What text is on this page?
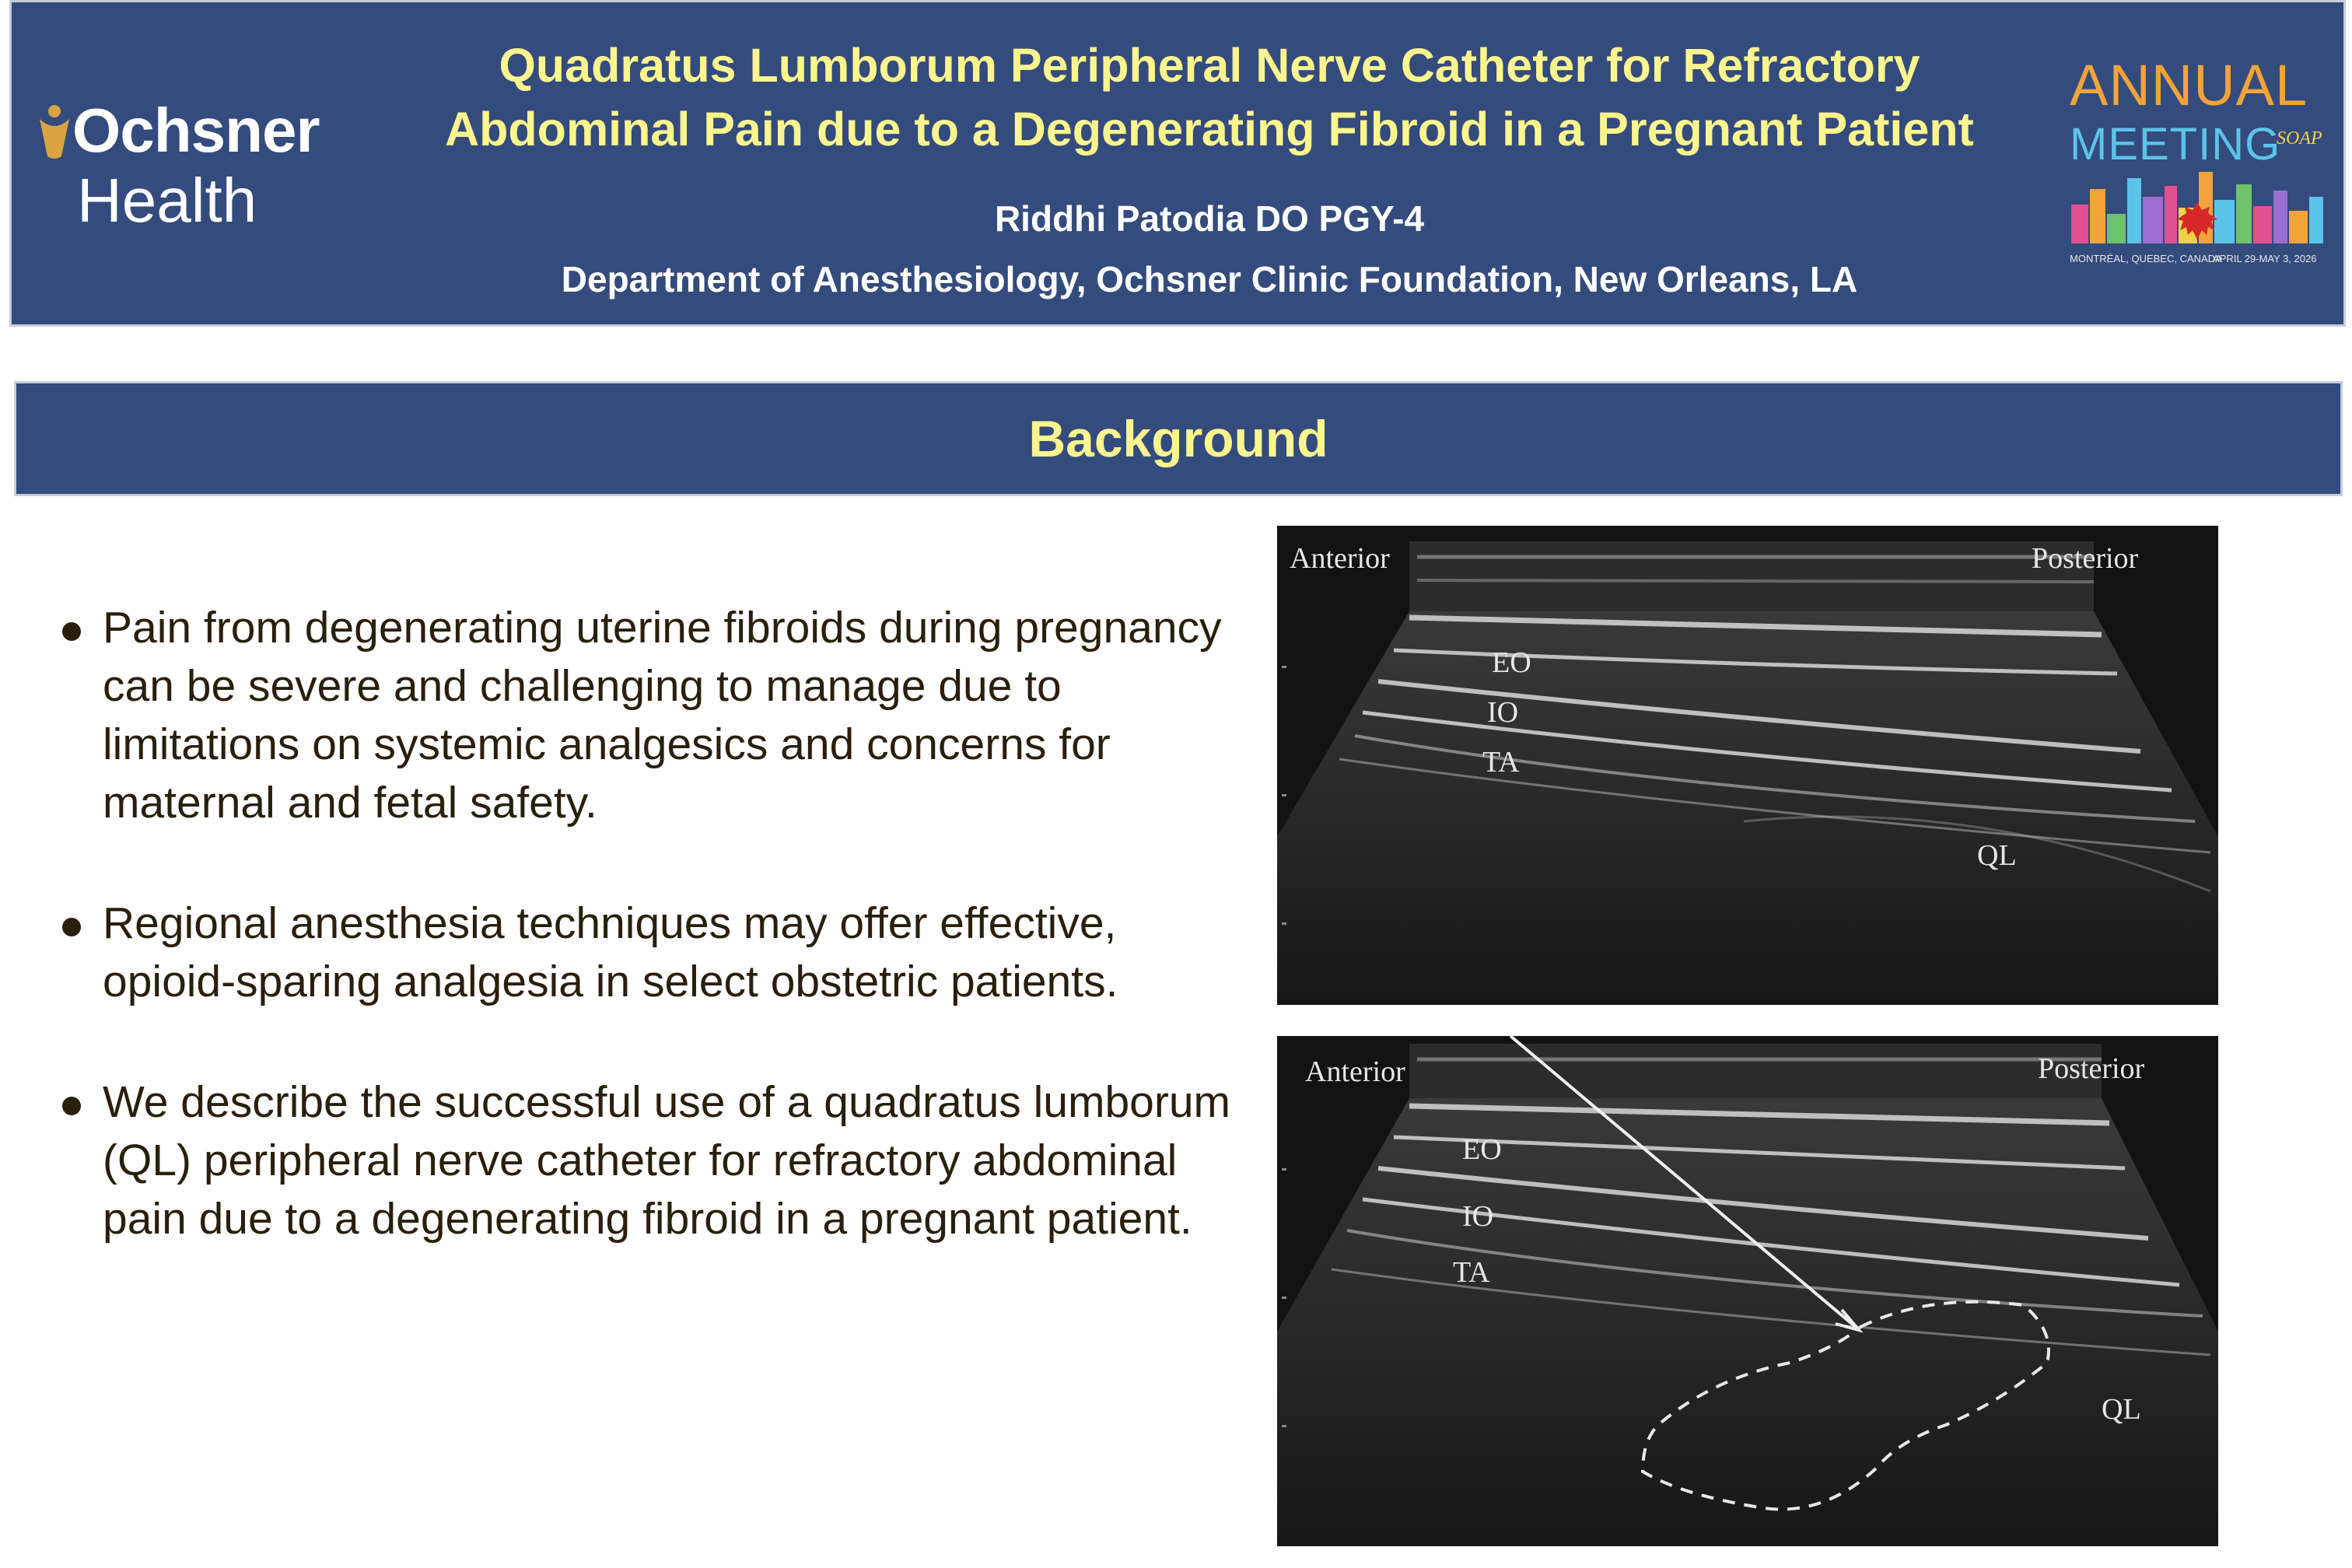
Ochsner
Health
Quadratus Lumborum Peripheral Nerve Catheter for Refractory
Abdominal Pain due to a Degenerating Fibroid in a Pregnant Patient
Riddhi Patodia DO PGY-4
Department of Anesthesiology, Ochsner Clinic Foundation, New Orleans, LA
ANNUAL
MEETING
SOAP
MONTRÉAL, QUEBEC, CANADA
APRIL 29-MAY 3, 2026
Background
Pain from degenerating uterine fibroids during pregnancy can be severe and challenging to manage due to limitations on systemic analgesics and concerns for maternal and fetal safety.
Regional anesthesia techniques may offer effective, opioid-sparing analgesia in select obstetric patients.
We describe the successful use of a quadratus lumborum (QL) peripheral nerve catheter for refractory abdominal pain due to a degenerating fibroid in a pregnant patient.
Anterior	Posterior
EO
IO
TA
QL
Anterior	Posterior
EO
IO
TA
QL
